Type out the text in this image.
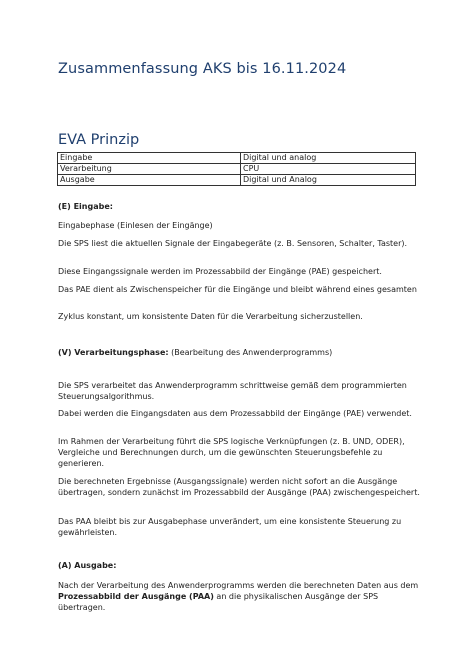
Zusammenfassung AKS bis 16.11.2024
EVA Prinzip
Eingabe	Digital und analog
Verarbeitung	CPU
Ausgabe	Digital und Analog
(E) Eingabe:
Eingabephase (Einlesen der Eingänge)
Die SPS liest die aktuellen Signale der Eingabegeräte (z. B. Sensoren, Schalter, Taster).
Diese Eingangssignale werden im Prozessabbild der Eingänge (PAE) gespeichert.
Das PAE dient als Zwischenspeicher für die Eingänge und bleibt während eines gesamten
Zyklus konstant, um konsistente Daten für die Verarbeitung sicherzustellen.
(V) Verarbeitungsphase: (Bearbeitung des Anwenderprogramms)
Die SPS verarbeitet das Anwenderprogramm schrittweise gemäß dem programmierten Steuerungsalgorithmus.
Dabei werden die Eingangsdaten aus dem Prozessabbild der Eingänge (PAE) verwendet.
Im Rahmen der Verarbeitung führt die SPS logische Verknüpfungen (z. B. UND, ODER), Vergleiche und Berechnungen durch, um die gewünschten Steuerungsbefehle zu generieren.
Die berechneten Ergebnisse (Ausgangssignale) werden nicht sofort an die Ausgänge übertragen, sondern zunächst im Prozessabbild der Ausgänge (PAA) zwischengespeichert.
Das PAA bleibt bis zur Ausgabephase unverändert, um eine konsistente Steuerung zu gewährleisten.
(A) Ausgabe:
Nach der Verarbeitung des Anwenderprogramms werden die berechneten Daten aus dem Prozessabbild der Ausgänge (PAA) an die physikalischen Ausgänge der SPS übertragen.
